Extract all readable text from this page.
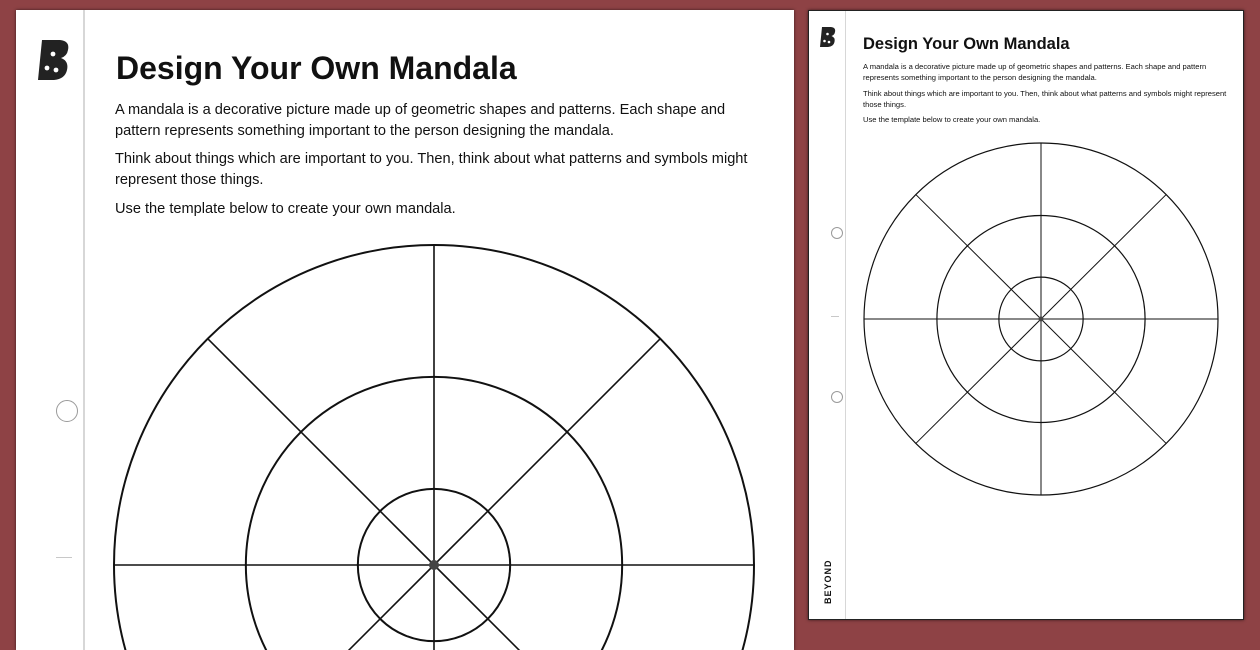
Design Your Own Mandala

A mandala is a decorative picture made up of geometric shapes and patterns. Each shape and pattern represents something important to the person designing the mandala.

Think about things which are important to you. Then, think about what patterns and symbols might represent those things.

Use the template below to create your own mandala.

Design Your Own Mandala

A mandala is a decorative picture made up of geometric shapes and patterns. Each shape and pattern represents something important to the person designing the mandala.

Think about things which are important to you. Then, think about what patterns and symbols might represent those things.

Use the template below to create your own mandala.

BEYOND
